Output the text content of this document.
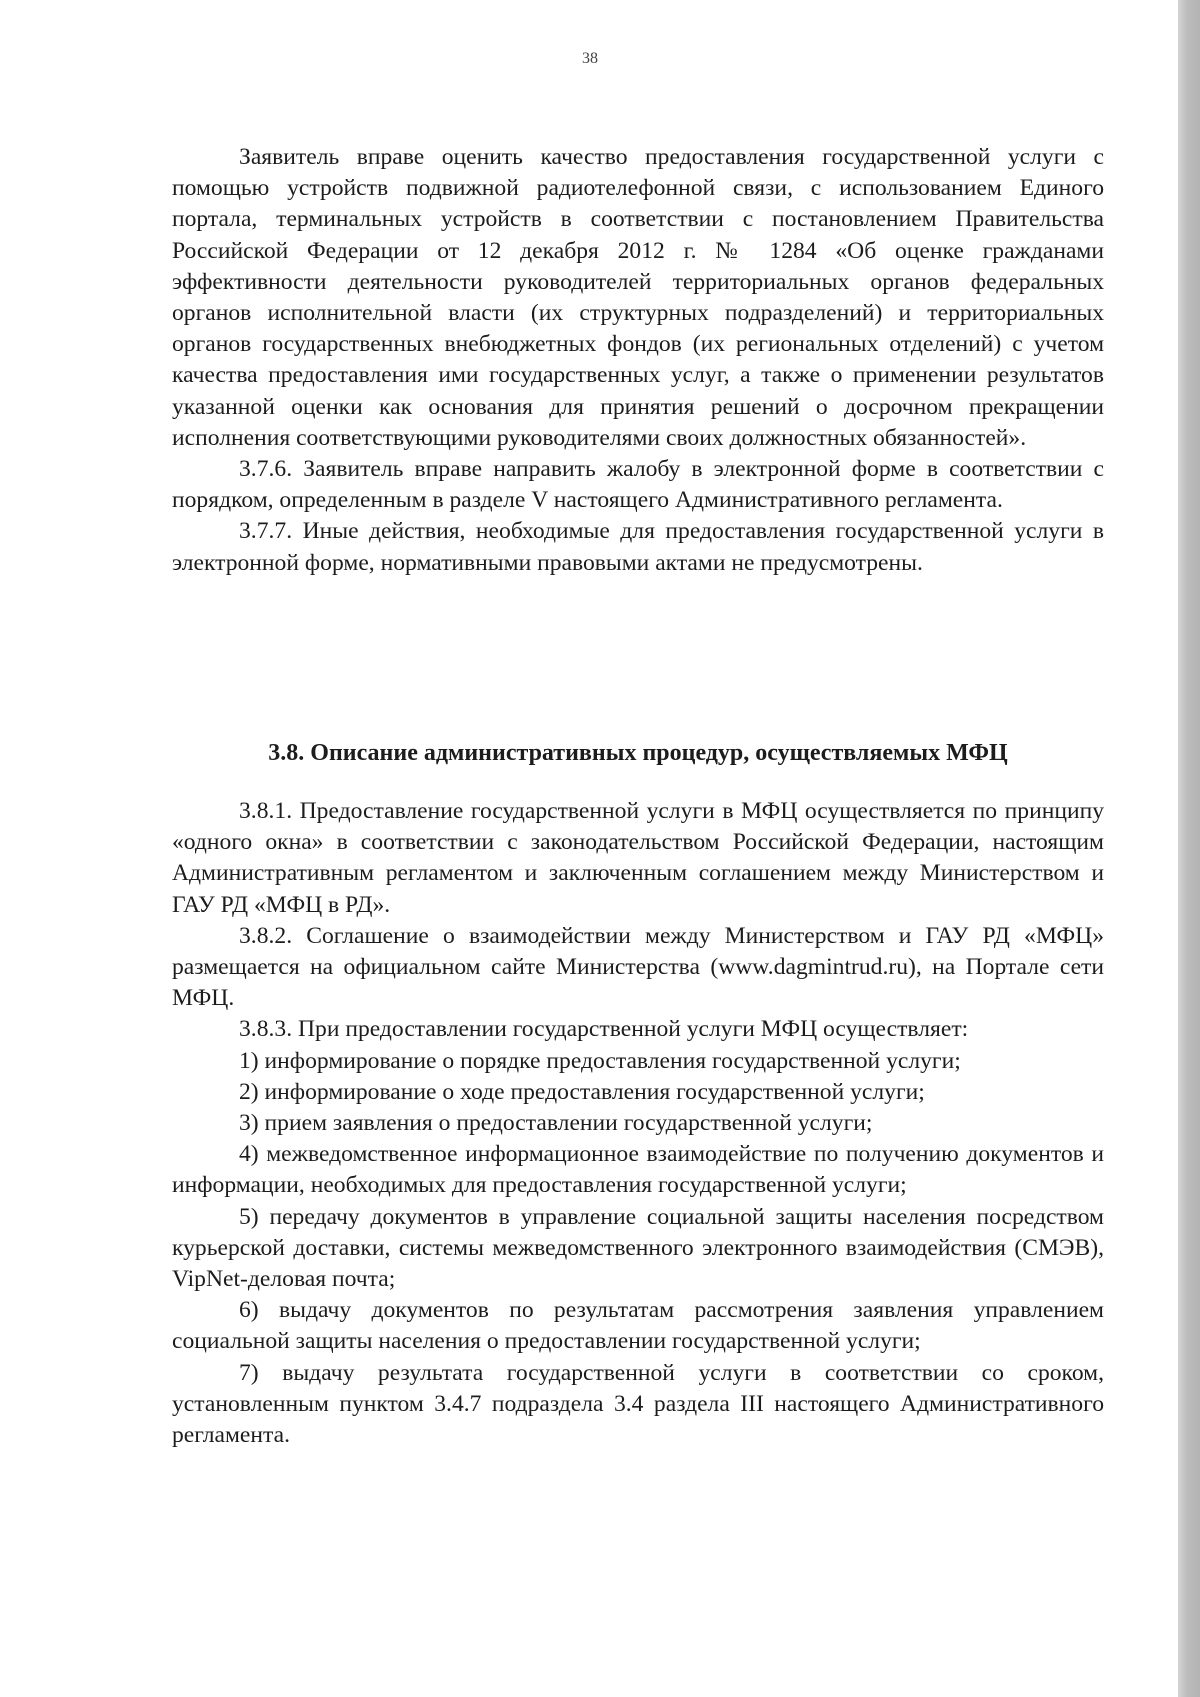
38

Заявитель вправе оценить качество предоставления государственной услуги с помощью устройств подвижной радиотелефонной связи, с использованием Единого портала, терминальных устройств в соответствии с постановлением Правительства Российской Федерации от 12 декабря 2012 г. № 1284 «Об оценке гражданами эффективности деятельности руководителей территориальных органов федеральных органов исполнительной власти (их структурных подразделений) и территориальных органов государственных внебюджетных фондов (их региональных отделений) с учетом качества предоставления ими государственных услуг, а также о применении результатов указанной оценки как основания для принятия решений о досрочном прекращении исполнения соответствующими руководителями своих должностных обязанностей».

3.7.6. Заявитель вправе направить жалобу в электронной форме в соответствии с порядком, определенным в разделе V настоящего Административного регламента.

3.7.7. Иные действия, необходимые для предоставления государственной услуги в электронной форме, нормативными правовыми актами не предусмотрены.

3.8. Описание административных процедур, осуществляемых МФЦ

3.8.1. Предоставление государственной услуги в МФЦ осуществляется по принципу «одного окна» в соответствии с законодательством Российской Федерации, настоящим Административным регламентом и заключенным соглашением между Министерством и ГАУ РД «МФЦ в РД».

3.8.2. Соглашение о взаимодействии между Министерством и ГАУ РД «МФЦ» размещается на официальном сайте Министерства (www.dagmintrud.ru), на Портале сети МФЦ.

3.8.3. При предоставлении государственной услуги МФЦ осуществляет:

1) информирование о порядке предоставления государственной услуги;

2) информирование о ходе предоставления государственной услуги;

3) прием заявления о предоставлении государственной услуги;

4) межведомственное информационное взаимодействие по получению документов и информации, необходимых для предоставления государственной услуги;

5) передачу документов в управление социальной защиты населения посредством курьерской доставки, системы межведомственного электронного взаимодействия (СМЭВ), VipNet-деловая почта;

6) выдачу документов по результатам рассмотрения заявления управлением социальной защиты населения о предоставлении государственной услуги;

7) выдачу результата государственной услуги в соответствии со сроком, установленным пунктом 3.4.7 подраздела 3.4 раздела III настоящего Административного регламента.
